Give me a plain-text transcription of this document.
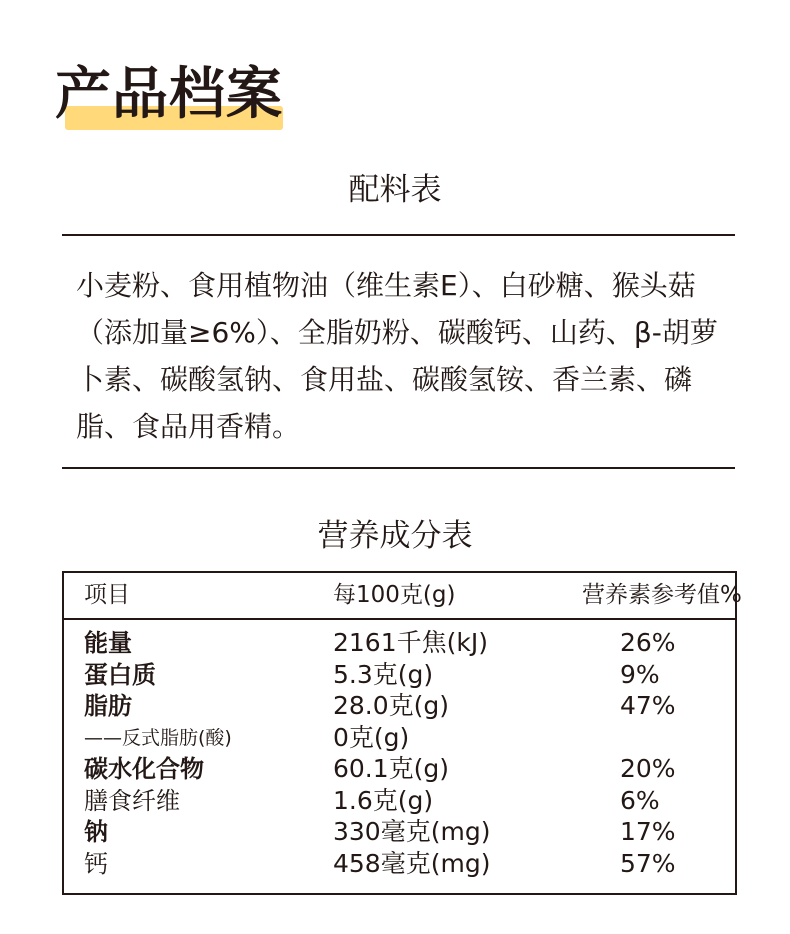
产品档案
配料表
小麦粉、食用植物油（维生素E）、白砂糖、猴头菇（添加量≥6%）、全脂奶粉、碳酸钙、山药、β-胡萝卜素、碳酸氢钠、食用盐、碳酸氢铵、香兰素、磷脂、食品用香精。
营养成分表
项目	每100克(g)	营养素参考值%
能量	2161千焦(kJ)	26%
蛋白质	5.3克(g)	9%
脂肪	28.0克(g)	47%
——反式脂肪(酸)	0克(g)
碳水化合物	60.1克(g)	20%
膳食纤维	1.6克(g)	6%
钠	330毫克(mg)	17%
钙	458毫克(mg)	57%
